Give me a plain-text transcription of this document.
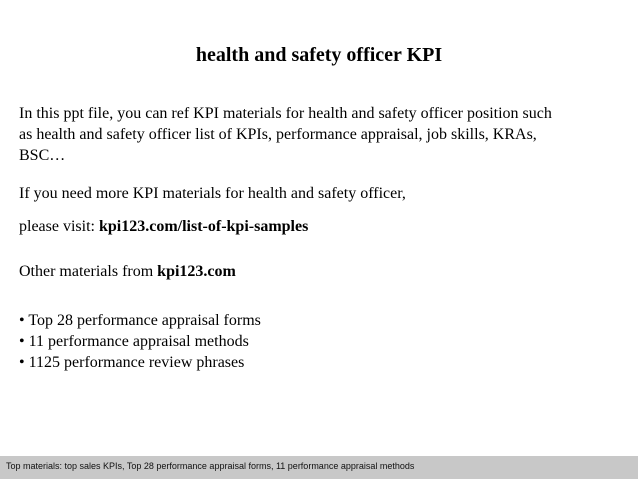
health and safety officer KPI
In this ppt file, you can ref KPI materials for health and safety officer position such
as health and safety officer list of KPIs, performance appraisal, job skills, KRAs,
BSC…
If you need more KPI materials for health and safety officer,
please visit: kpi123.com/list-of-kpi-samples
Other materials from kpi123.com
• Top 28 performance appraisal forms
• 11 performance appraisal methods
• 1125 performance review phrases
Top materials: top sales KPIs, Top 28 performance appraisal forms, 11 performance appraisal methods
